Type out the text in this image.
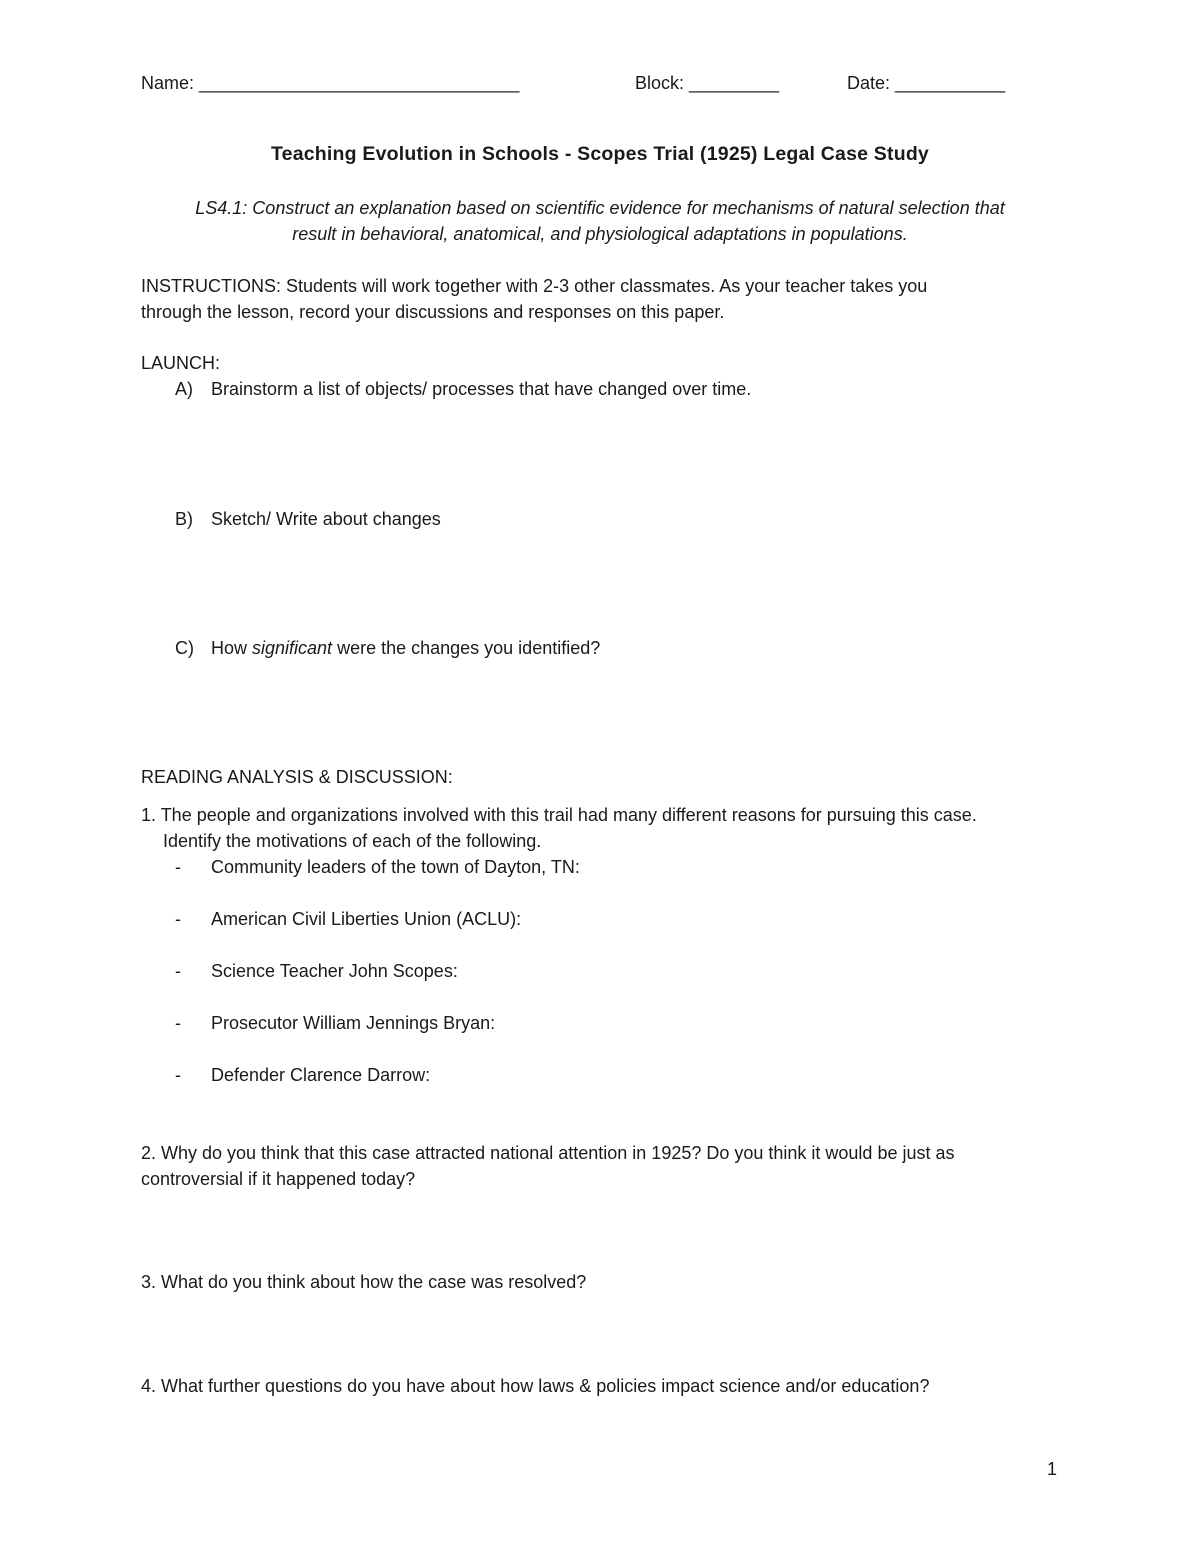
Name: ________________________________	Block: _________	Date: ___________
Teaching Evolution in Schools - Scopes Trial (1925) Legal Case Study
LS4.1: Construct an explanation based on scientific evidence for mechanisms of natural selection that
result in behavioral, anatomical, and physiological adaptations in populations.
INSTRUCTIONS: Students will work together with 2-3 other classmates. As your teacher takes you
through the lesson, record your discussions and responses on this paper.
LAUNCH:
A) Brainstorm a list of objects/ processes that have changed over time.
B) Sketch/ Write about changes
C) How significant were the changes you identified?
READING ANALYSIS & DISCUSSION:
1. The people and organizations involved with this trail had many different reasons for pursuing this case.
Identify the motivations of each of the following.
- Community leaders of the town of Dayton, TN:
- American Civil Liberties Union (ACLU):
- Science Teacher John Scopes:
- Prosecutor William Jennings Bryan:
- Defender Clarence Darrow:
2. Why do you think that this case attracted national attention in 1925? Do you think it would be just as
controversial if it happened today?
3. What do you think about how the case was resolved?
4. What further questions do you have about how laws & policies impact science and/or education?
1
